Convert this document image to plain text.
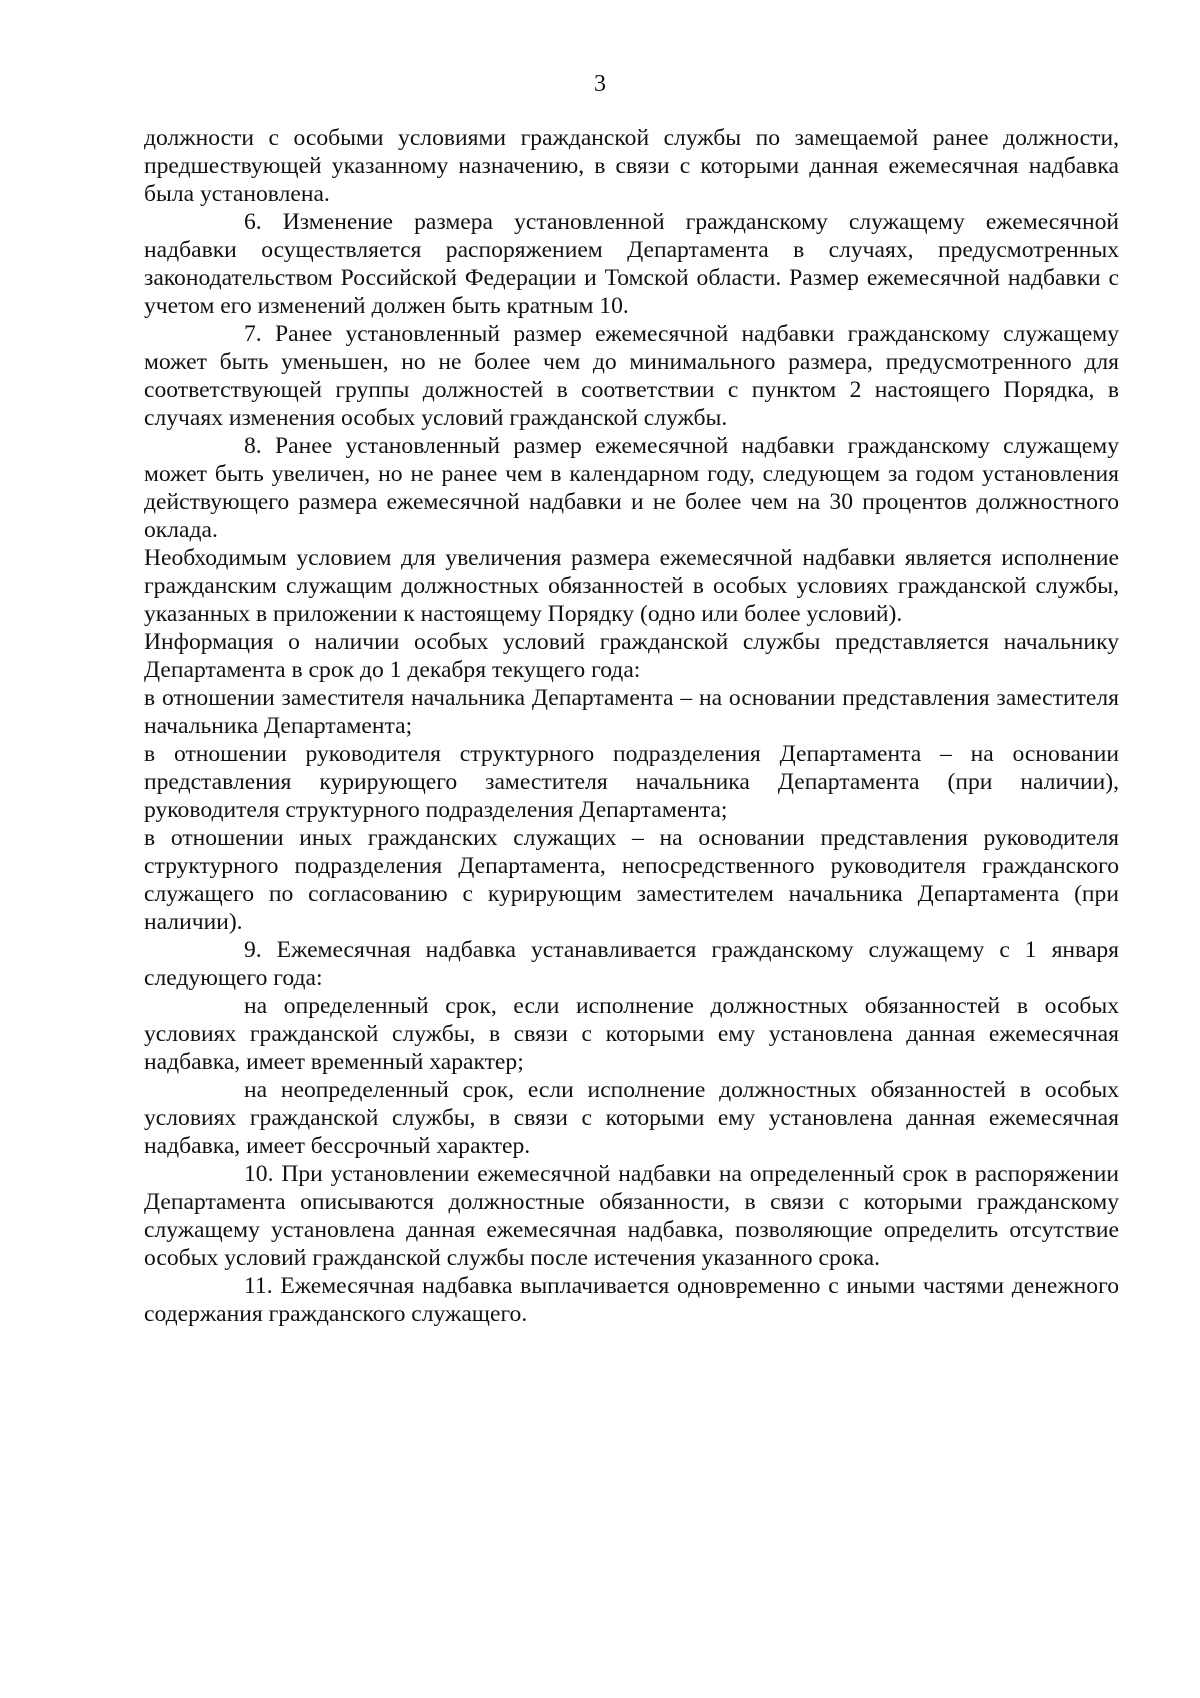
3

должности с особыми условиями гражданской службы по замещаемой ранее должности, предшествующей указанному назначению, в связи с которыми данная ежемесячная надбавка была установлена.

6. Изменение размера установленной гражданскому служащему ежемесячной надбавки осуществляется распоряжением Департамента в случаях, предусмотренных законодательством Российской Федерации и Томской области. Размер ежемесячной надбавки с учетом его изменений должен быть кратным 10.

7. Ранее установленный размер ежемесячной надбавки гражданскому служащему может быть уменьшен, но не более чем до минимального размера, предусмотренного для соответствующей группы должностей в соответствии с пунктом 2 настоящего Порядка, в случаях изменения особых условий гражданской службы.

8. Ранее установленный размер ежемесячной надбавки гражданскому служащему может быть увеличен, но не ранее чем в календарном году, следующем за годом установления действующего размера ежемесячной надбавки и не более чем на 30 процентов должностного оклада.

Необходимым условием для увеличения размера ежемесячной надбавки является исполнение гражданским служащим должностных обязанностей в особых условиях гражданской службы, указанных в приложении к настоящему Порядку (одно или более условий).

Информация о наличии особых условий гражданской службы представляется начальнику Департамента в срок до 1 декабря текущего года:

в отношении заместителя начальника Департамента – на основании представления заместителя начальника Департамента;

в отношении руководителя структурного подразделения Департамента – на основании представления курирующего заместителя начальника Департамента (при наличии), руководителя структурного подразделения Департамента;

в отношении иных гражданских служащих – на основании представления руководителя структурного подразделения Департамента, непосредственного руководителя гражданского служащего по согласованию с курирующим заместителем начальника Департамента (при наличии).

9. Ежемесячная надбавка устанавливается гражданскому служащему с 1 января следующего года:

на определенный срок, если исполнение должностных обязанностей в особых условиях гражданской службы, в связи с которыми ему установлена данная ежемесячная надбавка, имеет временный характер;

на неопределенный срок, если исполнение должностных обязанностей в особых условиях гражданской службы, в связи с которыми ему установлена данная ежемесячная надбавка, имеет бессрочный характер.

10. При установлении ежемесячной надбавки на определенный срок в распоряжении Департамента описываются должностные обязанности, в связи с которыми гражданскому служащему установлена данная ежемесячная надбавка, позволяющие определить отсутствие особых условий гражданской службы после истечения указанного срока.

11. Ежемесячная надбавка выплачивается одновременно с иными частями денежного содержания гражданского служащего.
